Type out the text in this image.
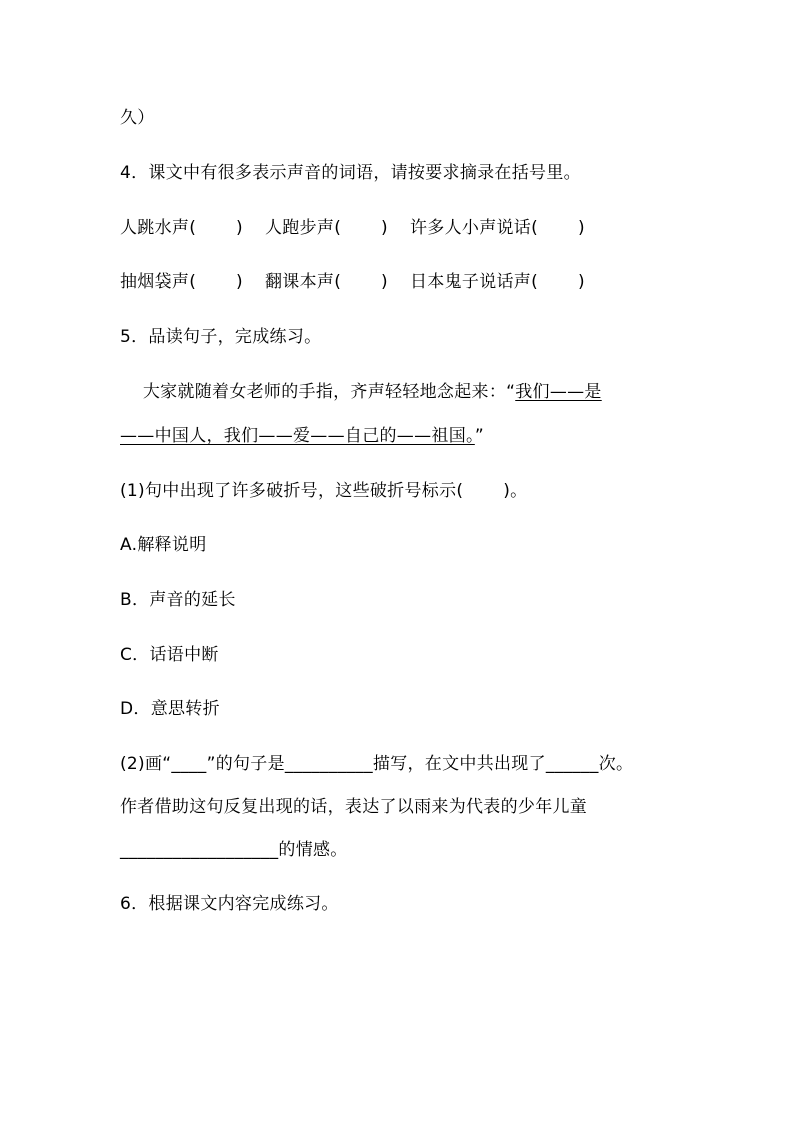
久）
4．课文中有很多表示声音的词语，请按要求摘录在括号里。
人跳水声(       ) 人跑步声(       ) 许多人小声说话(       )
抽烟袋声(       ) 翻课本声(       ) 日本鬼子说话声(       )
5．品读句子，完成练习。
大家就随着女老师的手指，齐声轻轻地念起来：“我们——是
——中国人，我们——爱——自己的——祖国。”
(1)句中出现了许多破折号，这些破折号标示(       )。
A.解释说明
B．声音的延长
C．话语中断
D．意思转折
(2)画“____”的句子是__________描写，在文中共出现了______次。
作者借助这句反复出现的话，表达了以雨来为代表的少年儿童
__________________的情感。
6．根据课文内容完成练习。
